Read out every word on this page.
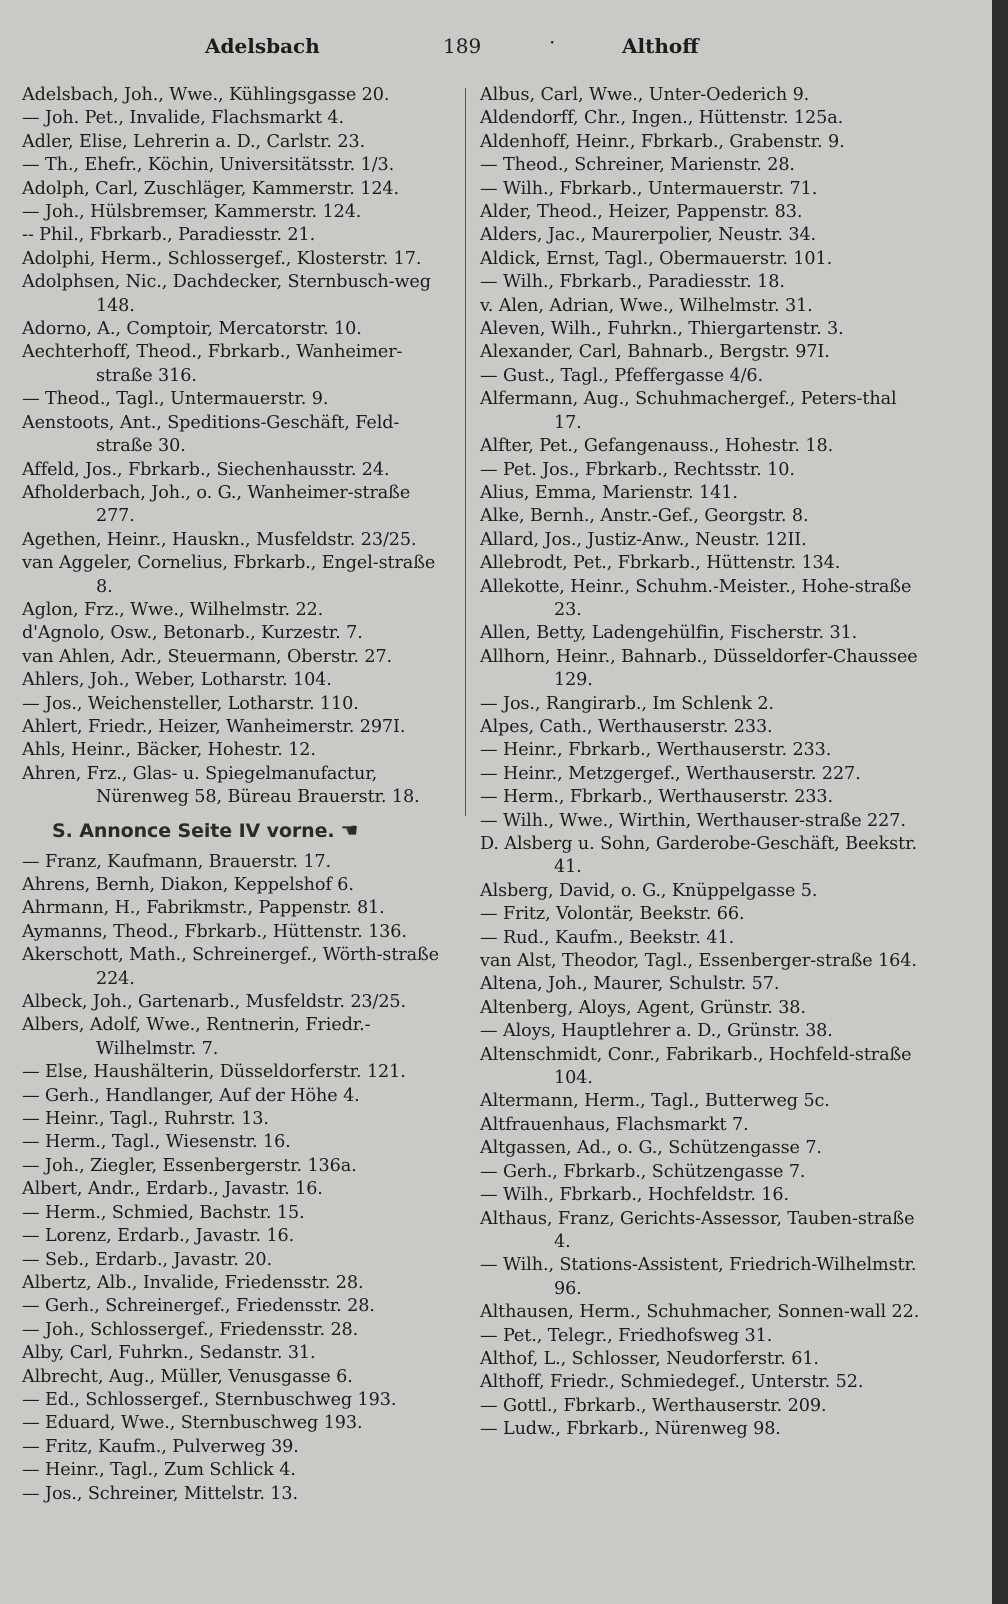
Adelsbach	189	·	Althoff
Adelsbach, Joh., Wwe., Kühlingsgasse 20.
— Joh. Pet., Invalide, Flachsmarkt 4.
Adler, Elise, Lehrerin a. D., Carlstr. 23.
— Th., Ehefr., Köchin, Universitätsstr. 1/3.
Adolph, Carl, Zuschläger, Kammerstr. 124.
— Joh., Hülsbremser, Kammerstr. 124.
-- Phil., Fbrkarb., Paradiesstr. 21.
Adolphi, Herm., Schlossergef., Klosterstr. 17.
Adolphsen, Nic., Dachdecker, Sternbusch-weg 148.
Adorno, A., Comptoir, Mercatorstr. 10.
Aechterhoff, Theod., Fbrkarb., Wanheimer-straße 316.
— Theod., Tagl., Untermauerstr. 9.
Aenstoots, Ant., Speditions-Geschäft, Feld-straße 30.
Affeld, Jos., Fbrkarb., Siechenhausstr. 24.
Afholderbach, Joh., o. G., Wanheimer-straße 277.
Agethen, Heinr., Hauskn., Musfeldstr. 23/25.
van Aggeler, Cornelius, Fbrkarb., Engel-straße 8.
Aglon, Frz., Wwe., Wilhelmstr. 22.
d'Agnolo, Osw., Betonarb., Kurzestr. 7.
van Ahlen, Adr., Steuermann, Oberstr. 27.
Ahlers, Joh., Weber, Lotharstr. 104.
— Jos., Weichensteller, Lotharstr. 110.
Ahlert, Friedr., Heizer, Wanheimerstr. 297I.
Ahls, Heinr., Bäcker, Hohestr. 12.
Ahren, Frz., Glas- u. Spiegelmanufactur, Nürenweg 58, Büreau Brauerstr. 18.
S. Annonce Seite IV vorne. ☚
— Franz, Kaufmann, Brauerstr. 17.
Ahrens, Bernh, Diakon, Keppelshof 6.
Ahrmann, H., Fabrikmstr., Pappenstr. 81.
Aymanns, Theod., Fbrkarb., Hüttenstr. 136.
Akerschott, Math., Schreinergef., Wörth-straße 224.
Albeck, Joh., Gartenarb., Musfeldstr. 23/25.
Albers, Adolf, Wwe., Rentnerin, Friedr.-Wilhelmstr. 7.
— Else, Haushälterin, Düsseldorferstr. 121.
— Gerh., Handlanger, Auf der Höhe 4.
— Heinr., Tagl., Ruhrstr. 13.
— Herm., Tagl., Wiesenstr. 16.
— Joh., Ziegler, Essenbergerstr. 136a.
Albert, Andr., Erdarb., Javastr. 16.
— Herm., Schmied, Bachstr. 15.
— Lorenz, Erdarb., Javastr. 16.
— Seb., Erdarb., Javastr. 20.
Albertz, Alb., Invalide, Friedensstr. 28.
— Gerh., Schreinergef., Friedensstr. 28.
— Joh., Schlossergef., Friedensstr. 28.
Alby, Carl, Fuhrkn., Sedanstr. 31.
Albrecht, Aug., Müller, Venusgasse 6.
— Ed., Schlossergef., Sternbuschweg 193.
— Eduard, Wwe., Sternbuschweg 193.
— Fritz, Kaufm., Pulverweg 39.
— Heinr., Tagl., Zum Schlick 4.
— Jos., Schreiner, Mittelstr. 13.
Albus, Carl, Wwe., Unter-Oederich 9.
Aldendorff, Chr., Ingen., Hüttenstr. 125a.
Aldenhoff, Heinr., Fbrkarb., Grabenstr. 9.
— Theod., Schreiner, Marienstr. 28.
— Wilh., Fbrkarb., Untermauerstr. 71.
Alder, Theod., Heizer, Pappenstr. 83.
Alders, Jac., Maurerpolier, Neustr. 34.
Aldick, Ernst, Tagl., Obermauerstr. 101.
— Wilh., Fbrkarb., Paradiesstr. 18.
v. Alen, Adrian, Wwe., Wilhelmstr. 31.
Aleven, Wilh., Fuhrkn., Thiergartenstr. 3.
Alexander, Carl, Bahnarb., Bergstr. 97I.
— Gust., Tagl., Pfeffergasse 4/6.
Alfermann, Aug., Schuhmachergef., Peters-thal 17.
Alfter, Pet., Gefangenauss., Hohestr. 18.
— Pet. Jos., Fbrkarb., Rechtsstr. 10.
Alius, Emma, Marienstr. 141.
Alke, Bernh., Anstr.-Gef., Georgstr. 8.
Allard, Jos., Justiz-Anw., Neustr. 12II.
Allebrodt, Pet., Fbrkarb., Hüttenstr. 134.
Allekotte, Heinr., Schuhm.-Meister., Hohe-straße 23.
Allen, Betty, Ladengehülfin, Fischerstr. 31.
Allhorn, Heinr., Bahnarb., Düsseldorfer-Chaussee 129.
— Jos., Rangirarb., Im Schlenk 2.
Alpes, Cath., Werthauserstr. 233.
— Heinr., Fbrkarb., Werthauserstr. 233.
— Heinr., Metzgergef., Werthauserstr. 227.
— Herm., Fbrkarb., Werthauserstr. 233.
— Wilh., Wwe., Wirthin, Werthauser-straße 227.
D. Alsberg u. Sohn, Garderobe-Geschäft, Beekstr. 41.
Alsberg, David, o. G., Knüppelgasse 5.
— Fritz, Volontär, Beekstr. 66.
— Rud., Kaufm., Beekstr. 41.
van Alst, Theodor, Tagl., Essenberger-straße 164.
Altena, Joh., Maurer, Schulstr. 57.
Altenberg, Aloys, Agent, Grünstr. 38.
— Aloys, Hauptlehrer a. D., Grünstr. 38.
Altenschmidt, Conr., Fabrikarb., Hochfeld-straße 104.
Altermann, Herm., Tagl., Butterweg 5c.
Altfrauenhaus, Flachsmarkt 7.
Altgassen, Ad., o. G., Schützengasse 7.
— Gerh., Fbrkarb., Schützengasse 7.
— Wilh., Fbrkarb., Hochfeldstr. 16.
Althaus, Franz, Gerichts-Assessor, Tauben-straße 4.
— Wilh., Stations-Assistent, Friedrich-Wilhelmstr. 96.
Althausen, Herm., Schuhmacher, Sonnen-wall 22.
— Pet., Telegr., Friedhofsweg 31.
Althof, L., Schlosser, Neudorferstr. 61.
Althoff, Friedr., Schmiedegef., Unterstr. 52.
— Gottl., Fbrkarb., Werthauserstr. 209.
— Ludw., Fbrkarb., Nürenweg 98.
